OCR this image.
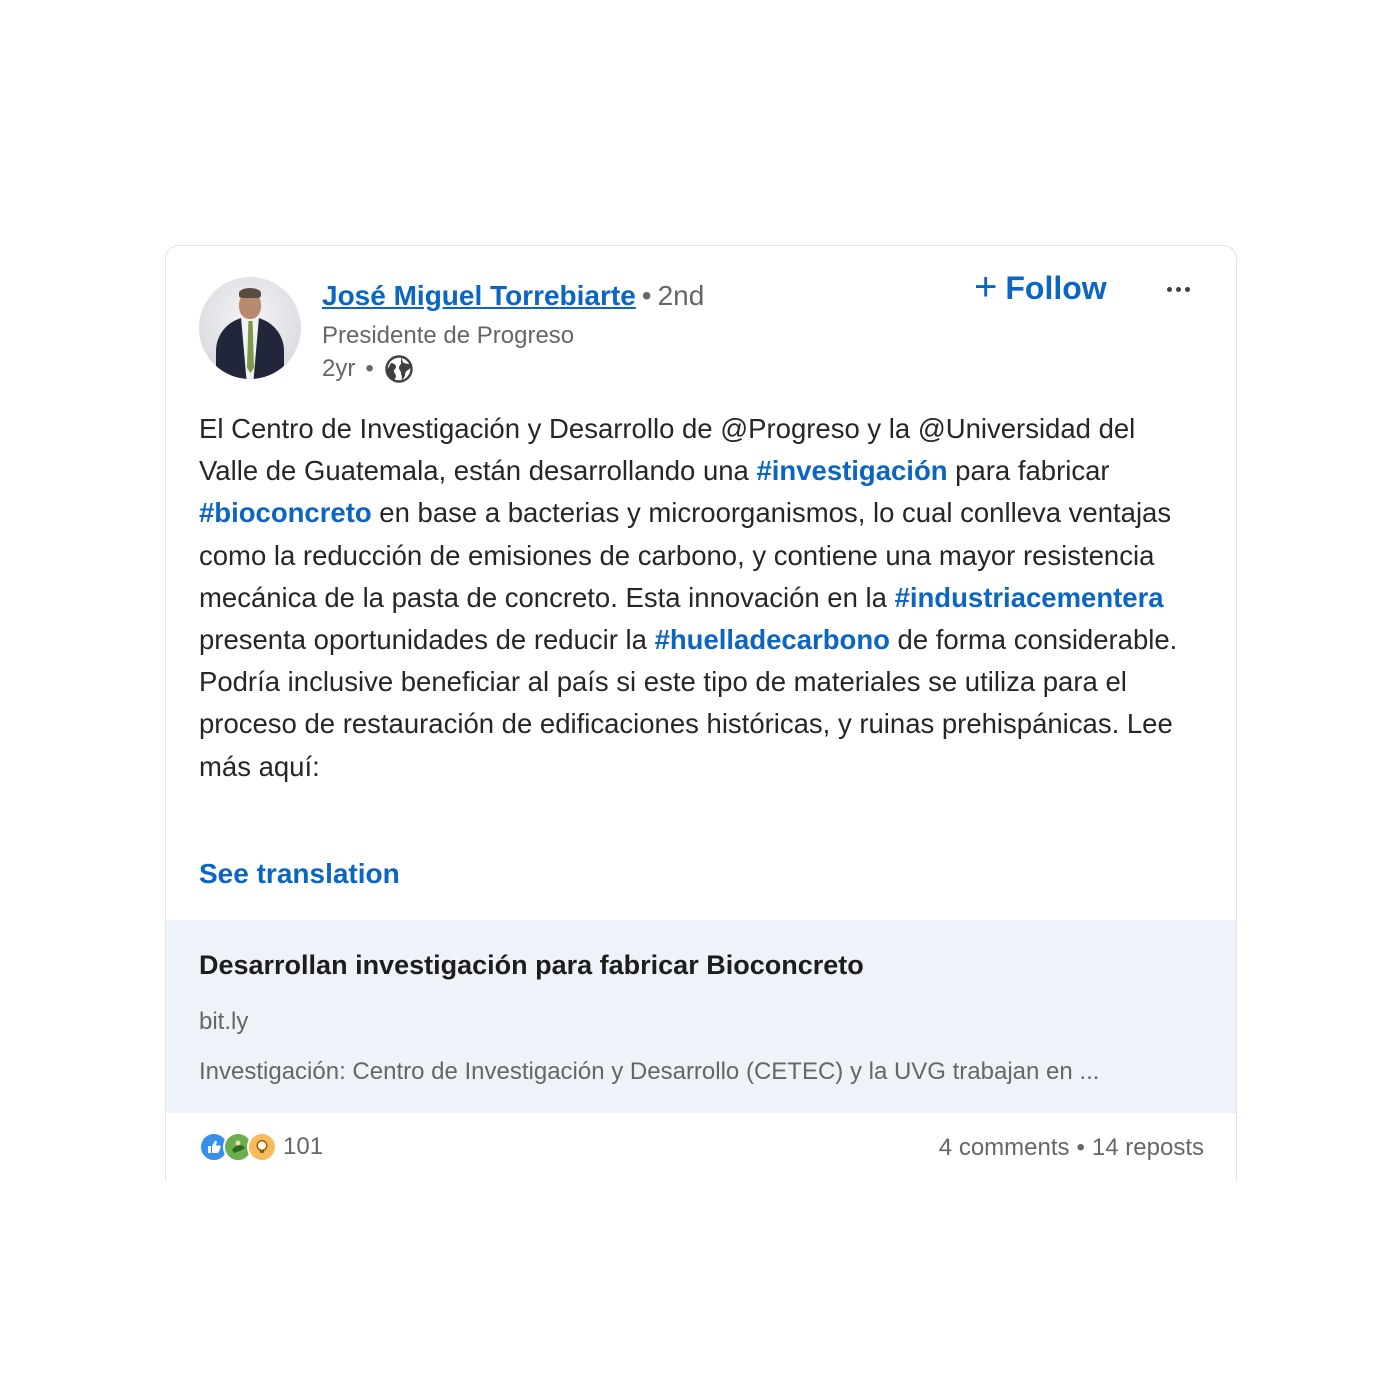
José Miguel Torrebiarte • 2nd
Presidente de Progreso
2yr •
+ Follow
El Centro de Investigación y Desarrollo de @Progreso y la @Universidad del Valle de Guatemala, están desarrollando una #investigación para fabricar #bioconcreto en base a bacterias y microorganismos, lo cual conlleva ventajas como la reducción de emisiones de carbono, y contiene una mayor resistencia mecánica de la pasta de concreto. Esta innovación en la #industriacementera presenta oportunidades de reducir la #huelladecarbono de forma considerable. Podría inclusive beneficiar al país si este tipo de materiales se utiliza para el proceso de restauración de edificaciones históricas, y ruinas prehispánicas. Lee más aquí:
See translation
Desarrollan investigación para fabricar Bioconcreto
bit.ly
Investigación: Centro de Investigación y Desarrollo (CETEC) y la UVG trabajan en ...
101	4 comments • 14 reposts
